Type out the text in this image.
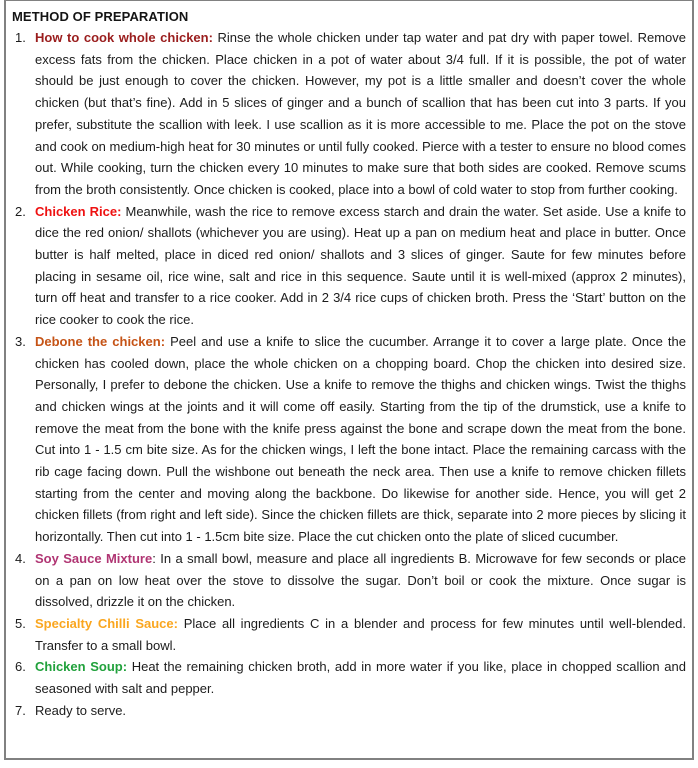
METHOD OF PREPARATION
1. How to cook whole chicken: Rinse the whole chicken under tap water and pat dry with paper towel. Remove excess fats from the chicken. Place chicken in a pot of water about 3/4 full. If it is possible, the pot of water should be just enough to cover the chicken. However, my pot is a little smaller and doesn’t cover the whole chicken (but that’s fine). Add in 5 slices of ginger and a bunch of scallion that has been cut into 3 parts. If you prefer, substitute the scallion with leek. I use scallion as it is more accessible to me. Place the pot on the stove and cook on medium-high heat for 30 minutes or until fully cooked. Pierce with a tester to ensure no blood comes out. While cooking, turn the chicken every 10 minutes to make sure that both sides are cooked. Remove scums from the broth consistently. Once chicken is cooked, place into a bowl of cold water to stop from further cooking.

2. Chicken Rice: Meanwhile, wash the rice to remove excess starch and drain the water. Set aside. Use a knife to dice the red onion/ shallots (whichever you are using). Heat up a pan on medium heat and place in butter. Once butter is half melted, place in diced red onion/ shallots and 3 slices of ginger. Saute for few minutes before placing in sesame oil, rice wine, salt and rice in this sequence. Saute until it is well-mixed (approx 2 minutes), turn off heat and transfer to a rice cooker. Add in 2 3/4 rice cups of chicken broth. Press the ‘Start’ button on the rice cooker to cook the rice.

3. Debone the chicken: Peel and use a knife to slice the cucumber. Arrange it to cover a large plate. Once the chicken has cooled down, place the whole chicken on a chopping board. Chop the chicken into desired size. Personally, I prefer to debone the chicken. Use a knife to remove the thighs and chicken wings. Twist the thighs and chicken wings at the joints and it will come off easily. Starting from the tip of the drumstick, use a knife to remove the meat from the bone with the knife press against the bone and scrape down the meat from the bone. Cut into 1 - 1.5 cm bite size. As for the chicken wings, I left the bone intact. Place the remaining carcass with the rib cage facing down. Pull the wishbone out beneath the neck area. Then use a knife to remove chicken fillets starting from the center and moving along the backbone. Do likewise for another side. Hence, you will get 2 chicken fillets (from right and left side). Since the chicken fillets are thick, separate into 2 more pieces by slicing it horizontally. Then cut into 1 - 1.5cm bite size. Place the cut chicken onto the plate of sliced cucumber.

4. Soy Sauce Mixture: In a small bowl, measure and place all ingredients B. Microwave for few seconds or place on a pan on low heat over the stove to dissolve the sugar. Don’t boil or cook the mixture. Once sugar is dissolved, drizzle it on the chicken.

5. Specialty Chilli Sauce: Place all ingredients C in a blender and process for few minutes until well-blended. Transfer to a small bowl.

6. Chicken Soup: Heat the remaining chicken broth, add in more water if you like, place in chopped scallion and seasoned with salt and pepper.

7. Ready to serve.
